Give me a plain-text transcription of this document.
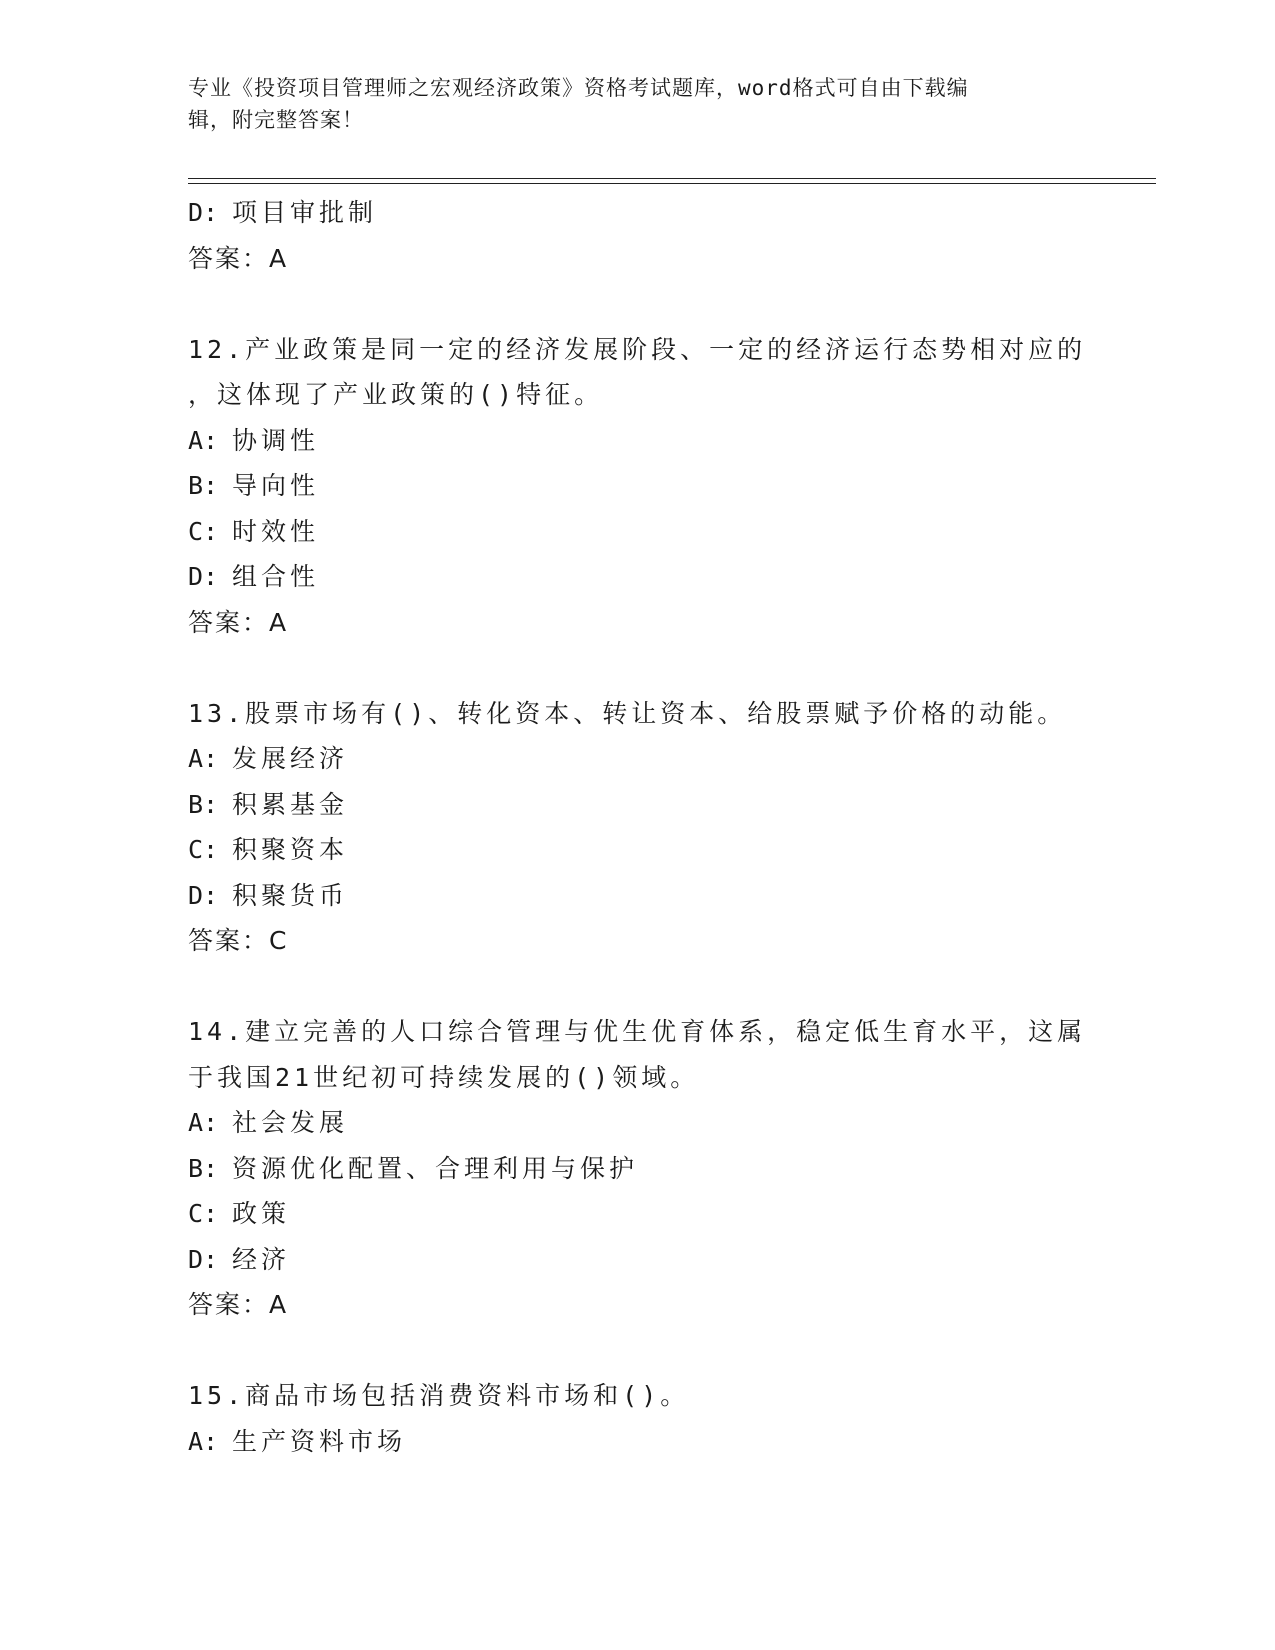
专业《投资项目管理师之宏观经济政策》资格考试题库，word格式可自由下载编
辑，附完整答案！
D: 项目审批制
答案：A
12.产业政策是同一定的经济发展阶段、一定的经济运行态势相对应的
，这体现了产业政策的()特征。
A: 协调性
B: 导向性
C: 时效性
D: 组合性
答案：A
13.股票市场有()、转化资本、转让资本、给股票赋予价格的动能。
A: 发展经济
B: 积累基金
C: 积聚资本
D: 积聚货币
答案：C
14.建立完善的人口综合管理与优生优育体系，稳定低生育水平，这属
于我国21世纪初可持续发展的()领域。
A: 社会发展
B: 资源优化配置、合理利用与保护
C: 政策
D: 经济
答案：A
15.商品市场包括消费资料市场和()。
A: 生产资料市场
